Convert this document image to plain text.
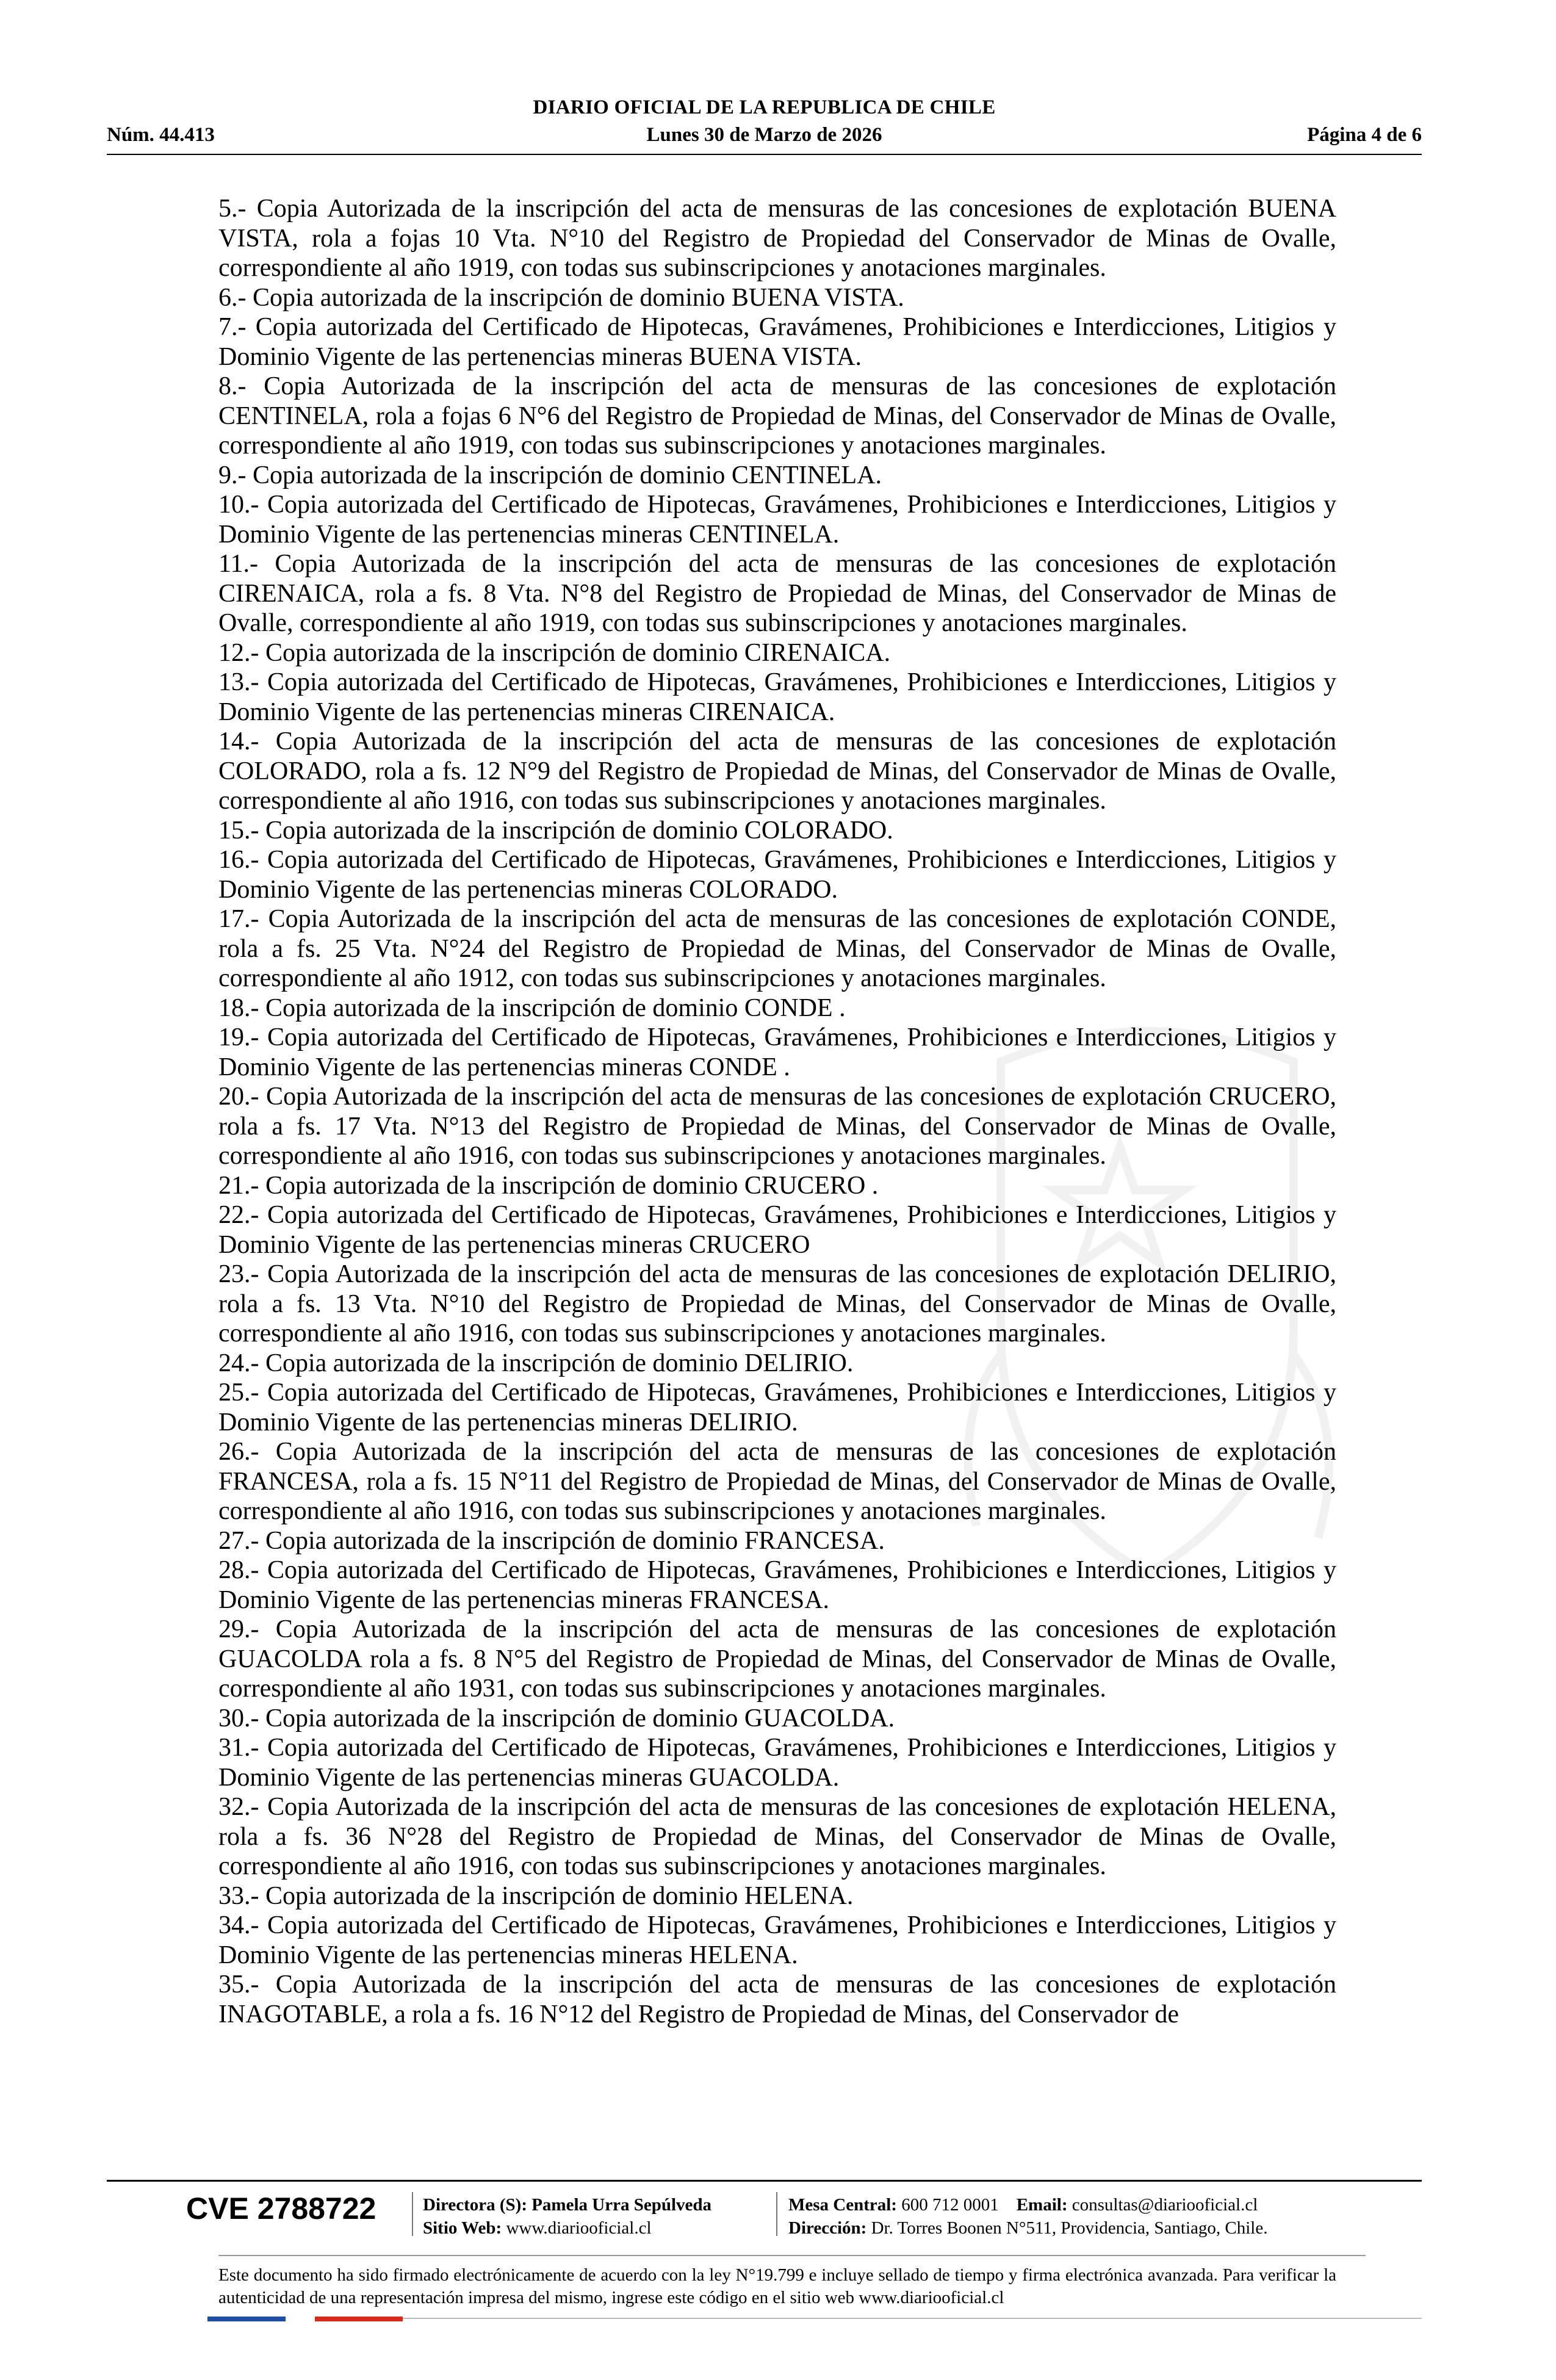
DIARIO OFICIAL DE LA REPUBLICA DE CHILE
Núm. 44.413	Lunes 30 de Marzo de 2026	Página 4 de 6

5.- Copia Autorizada de la inscripción del acta de mensuras de las concesiones de explotación BUENA VISTA, rola a fojas 10 Vta. N°10 del Registro de Propiedad del Conservador de Minas de Ovalle, correspondiente al año 1919, con todas sus subinscripciones y anotaciones marginales.

6.- Copia autorizada de la inscripción de dominio BUENA VISTA.

7.- Copia autorizada del Certificado de Hipotecas, Gravámenes, Prohibiciones e Interdicciones, Litigios y Dominio Vigente de las pertenencias mineras BUENA VISTA.

8.- Copia Autorizada de la inscripción del acta de mensuras de las concesiones de explotación CENTINELA, rola a fojas 6 N°6 del Registro de Propiedad de Minas, del Conservador de Minas de Ovalle, correspondiente al año 1919, con todas sus subinscripciones y anotaciones marginales.

9.- Copia autorizada de la inscripción de dominio CENTINELA.

10.- Copia autorizada del Certificado de Hipotecas, Gravámenes, Prohibiciones e Interdicciones, Litigios y Dominio Vigente de las pertenencias mineras CENTINELA.

11.- Copia Autorizada de la inscripción del acta de mensuras de las concesiones de explotación CIRENAICA, rola a fs. 8 Vta. N°8 del Registro de Propiedad de Minas, del Conservador de Minas de Ovalle, correspondiente al año 1919, con todas sus subinscripciones y anotaciones marginales.

12.- Copia autorizada de la inscripción de dominio CIRENAICA.

13.- Copia autorizada del Certificado de Hipotecas, Gravámenes, Prohibiciones e Interdicciones, Litigios y Dominio Vigente de las pertenencias mineras CIRENAICA.

14.- Copia Autorizada de la inscripción del acta de mensuras de las concesiones de explotación COLORADO, rola a fs. 12 N°9 del Registro de Propiedad de Minas, del Conservador de Minas de Ovalle, correspondiente al año 1916, con todas sus subinscripciones y anotaciones marginales.

15.- Copia autorizada de la inscripción de dominio COLORADO.

16.- Copia autorizada del Certificado de Hipotecas, Gravámenes, Prohibiciones e Interdicciones, Litigios y Dominio Vigente de las pertenencias mineras COLORADO.

17.- Copia Autorizada de la inscripción del acta de mensuras de las concesiones de explotación CONDE, rola a fs. 25 Vta. N°24 del Registro de Propiedad de Minas, del Conservador de Minas de Ovalle, correspondiente al año 1912, con todas sus subinscripciones y anotaciones marginales.

18.- Copia autorizada de la inscripción de dominio CONDE .

19.- Copia autorizada del Certificado de Hipotecas, Gravámenes, Prohibiciones e Interdicciones, Litigios y Dominio Vigente de las pertenencias mineras CONDE .

20.- Copia Autorizada de la inscripción del acta de mensuras de las concesiones de explotación CRUCERO, rola a fs. 17 Vta. N°13 del Registro de Propiedad de Minas, del Conservador de Minas de Ovalle, correspondiente al año 1916, con todas sus subinscripciones y anotaciones marginales.

21.- Copia autorizada de la inscripción de dominio CRUCERO .

22.- Copia autorizada del Certificado de Hipotecas, Gravámenes, Prohibiciones e Interdicciones, Litigios y Dominio Vigente de las pertenencias mineras CRUCERO

23.- Copia Autorizada de la inscripción del acta de mensuras de las concesiones de explotación DELIRIO, rola a fs. 13 Vta. N°10 del Registro de Propiedad de Minas, del Conservador de Minas de Ovalle, correspondiente al año 1916, con todas sus subinscripciones y anotaciones marginales.

24.- Copia autorizada de la inscripción de dominio DELIRIO.

25.- Copia autorizada del Certificado de Hipotecas, Gravámenes, Prohibiciones e Interdicciones, Litigios y Dominio Vigente de las pertenencias mineras DELIRIO.

26.- Copia Autorizada de la inscripción del acta de mensuras de las concesiones de explotación FRANCESA, rola a fs. 15 N°11 del Registro de Propiedad de Minas, del Conservador de Minas de Ovalle, correspondiente al año 1916, con todas sus subinscripciones y anotaciones marginales.

27.- Copia autorizada de la inscripción de dominio FRANCESA.

28.- Copia autorizada del Certificado de Hipotecas, Gravámenes, Prohibiciones e Interdicciones, Litigios y Dominio Vigente de las pertenencias mineras FRANCESA.

29.- Copia Autorizada de la inscripción del acta de mensuras de las concesiones de explotación GUACOLDA rola a fs. 8 N°5 del Registro de Propiedad de Minas, del Conservador de Minas de Ovalle, correspondiente al año 1931, con todas sus subinscripciones y anotaciones marginales.

30.- Copia autorizada de la inscripción de dominio GUACOLDA.

31.- Copia autorizada del Certificado de Hipotecas, Gravámenes, Prohibiciones e Interdicciones, Litigios y Dominio Vigente de las pertenencias mineras GUACOLDA.

32.- Copia Autorizada de la inscripción del acta de mensuras de las concesiones de explotación HELENA, rola a fs. 36 N°28 del Registro de Propiedad de Minas, del Conservador de Minas de Ovalle, correspondiente al año 1916, con todas sus subinscripciones y anotaciones marginales.

33.- Copia autorizada de la inscripción de dominio HELENA.

34.- Copia autorizada del Certificado de Hipotecas, Gravámenes, Prohibiciones e Interdicciones, Litigios y Dominio Vigente de las pertenencias mineras HELENA.

35.- Copia Autorizada de la inscripción del acta de mensuras de las concesiones de explotación INAGOTABLE, a rola a fs. 16 N°12 del Registro de Propiedad de Minas, del Conservador de

CVE 2788722	Directora (S): Pamela Urra Sepúlveda
Sitio Web: www.diariooficial.cl
Mesa Central: 600 712 0001 Email: consultas@diariooficial.cl
Dirección: Dr. Torres Boonen N°511, Providencia, Santiago, Chile.
Este documento ha sido firmado electrónicamente de acuerdo con la ley N°19.799 e incluye sellado de tiempo y firma electrónica avanzada. Para verificar la autenticidad de una representación impresa del mismo, ingrese este código en el sitio web www.diariooficial.cl
